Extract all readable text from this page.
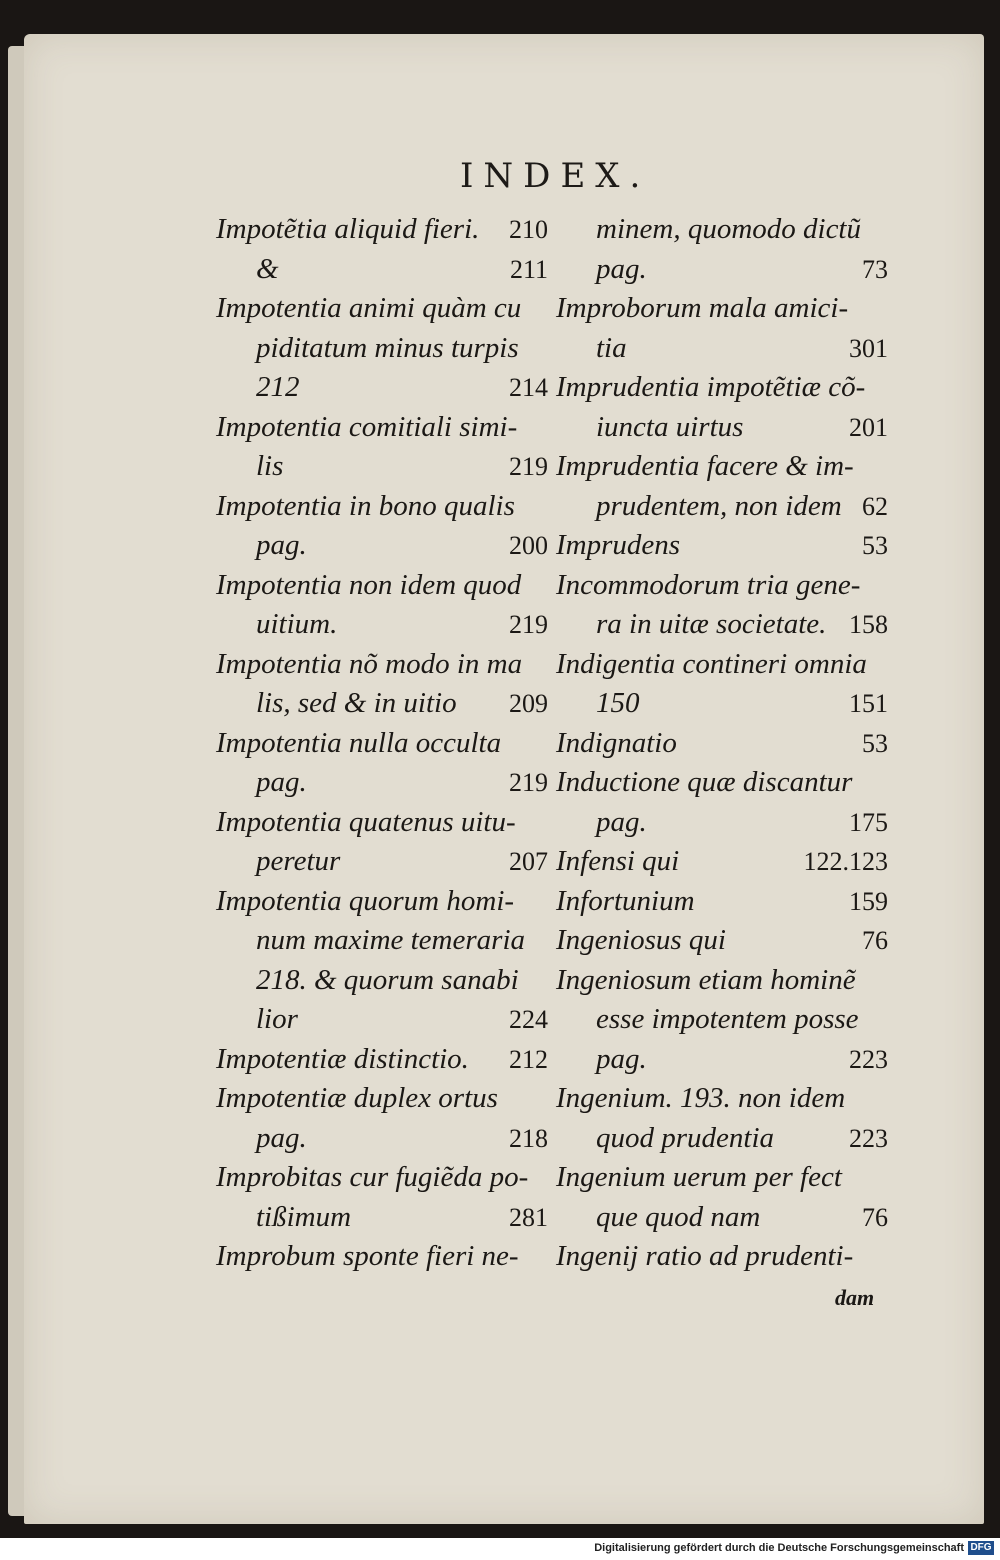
INDEX.
Impotẽtia aliquid fieri. 210
&	211
Impotentia animi quàm cu
piditatum minus turpis
212	214
Impotentia comitiali simi-
lis	219
Impotentia in bono qualis
pag.	200
Impotentia non idem quod
uitium.	219
Impotentia nõ modo in ma
lis, sed & in uitio 209
Impotentia nulla occulta
pag.	219
Impotentia quatenus uitu-
peretur	207
Impotentia quorum homi-
num maxime temeraria
218. & quorum sanabi
lior	224
Impotentiæ distinctio. 212
Impotentiæ duplex ortus
pag.	218
Improbitas cur fugiẽda po-
tißimum	281
Improbum sponte fieri ne-
minem, quomodo dictũ
pag.	73
Improborum mala amici-
tia	301
Imprudentia impotẽtiæ cõ-
iuncta uirtus	201
Imprudentia facere & im-
prudentem, non idem 62
Imprudens	53
Incommodorum tria gene-
ra in uitæ societate. 158
Indigentia contineri omnia
150	151
Indignatio	53
Inductione quæ discantur
pag.	175
Infensi qui	122.123
Infortunium	159
Ingeniosus qui	76
Ingeniosum etiam hominẽ
esse impotentem posse
pag.	223
Ingenium. 193. non idem
quod prudentia	223
Ingenium uerum per fect
que quod nam	76
Ingenij ratio ad prudenti-
dam
Digitalisierung gefördert durch die Deutsche Forschungsgemeinschaft DFG
